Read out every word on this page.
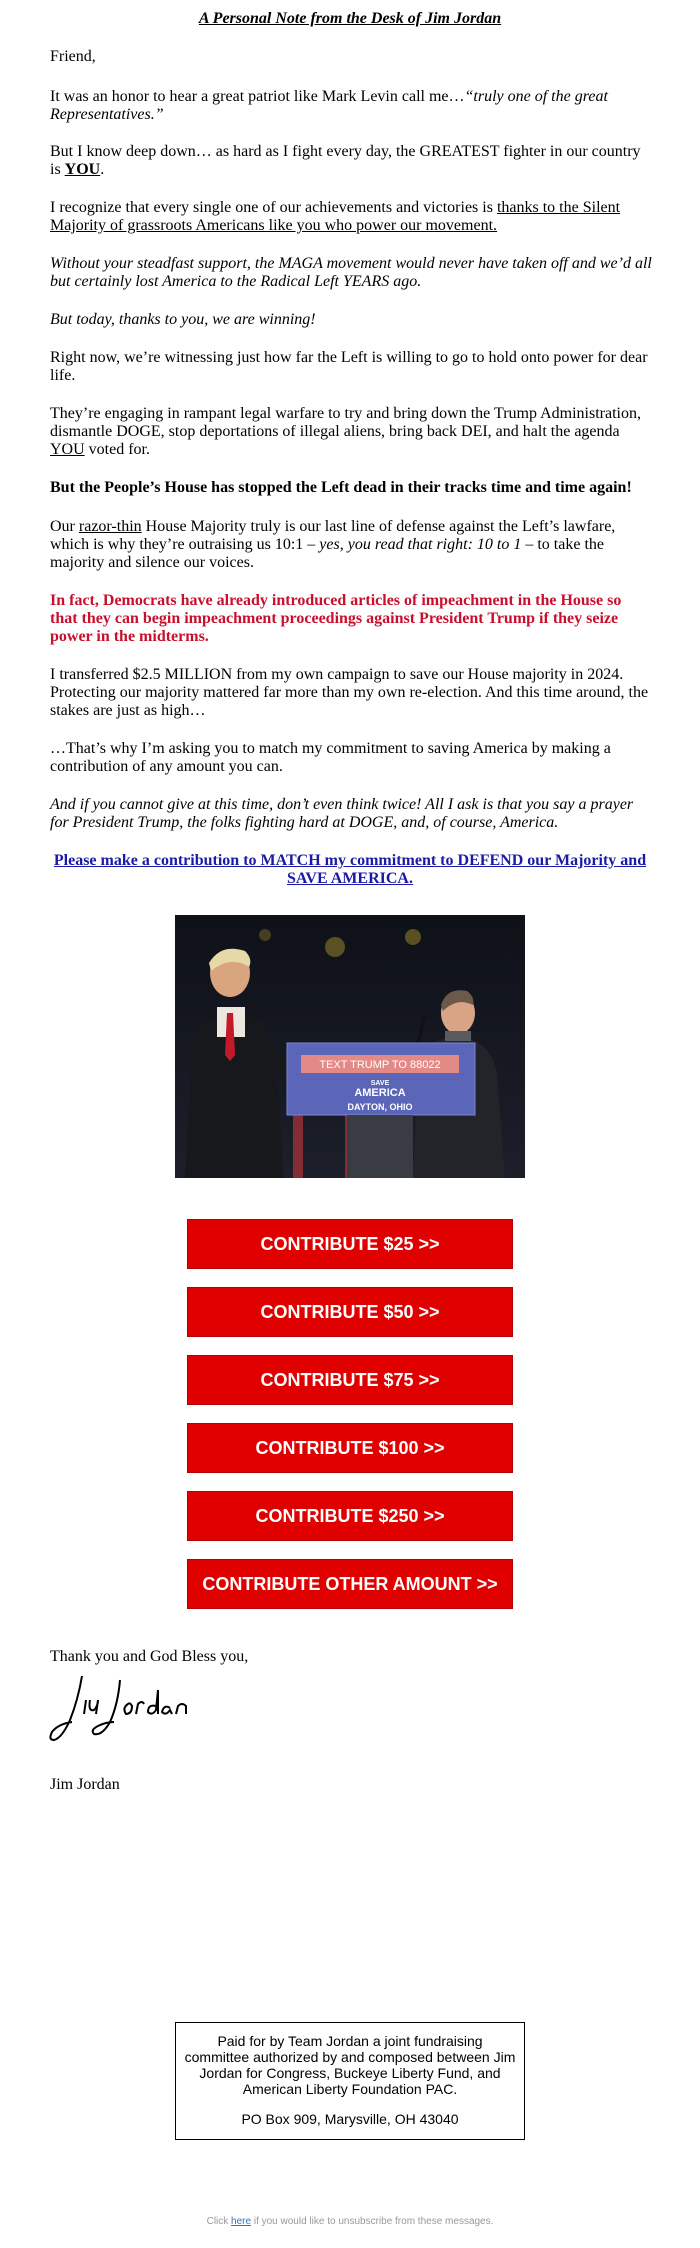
A Personal Note from the Desk of Jim Jordan

Friend,

It was an honor to hear a great patriot like Mark Levin call me…“truly one of the great Representatives.”

But I know deep down… as hard as I fight every day, the GREATEST fighter in our country is YOU.

I recognize that every single one of our achievements and victories is thanks to the Silent Majority of grassroots Americans like you who power our movement.

Without your steadfast support, the MAGA movement would never have taken off and we’d all but certainly lost America to the Radical Left YEARS ago.

But today, thanks to you, we are winning!

Right now, we’re witnessing just how far the Left is willing to go to hold onto power for dear life.

They’re engaging in rampant legal warfare to try and bring down the Trump Administration, dismantle DOGE, stop deportations of illegal aliens, bring back DEI, and halt the agenda YOU voted for.

But the People’s House has stopped the Left dead in their tracks time and time again!

Our razor-thin House Majority truly is our last line of defense against the Left’s lawfare, which is why they’re outraising us 10:1 – yes, you read that right: 10 to 1 – to take the majority and silence our voices.

In fact, Democrats have already introduced articles of impeachment in the House so that they can begin impeachment proceedings against President Trump if they seize power in the midterms.

I transferred $2.5 MILLION from my own campaign to save our House majority in 2024. Protecting our majority mattered far more than my own re-election. And this time around, the stakes are just as high…

…That’s why I’m asking you to match my commitment to saving America by making a contribution of any amount you can.

And if you cannot give at this time, don’t even think twice! All I ask is that you say a prayer for President Trump, the folks fighting hard at DOGE, and, of course, America.

Please make a contribution to MATCH my commitment to DEFEND our Majority and SAVE AMERICA.
TEXT TRUMP TO 88022
SAVE
AMERICA
DAYTON, OHIO
CONTRIBUTE $25 >>
CONTRIBUTE $50 >>
CONTRIBUTE $75 >>
CONTRIBUTE $100 >>
CONTRIBUTE $250 >>
CONTRIBUTE OTHER AMOUNT >>
Thank you and God Bless you,
Jim Jordan

Paid for by Team Jordan a joint fundraising committee authorized by and composed between Jim Jordan for Congress, Buckeye Liberty Fund, and American Liberty Foundation PAC.

PO Box 909, Marysville, OH 43040

Click here if you would like to unsubscribe from these messages.
